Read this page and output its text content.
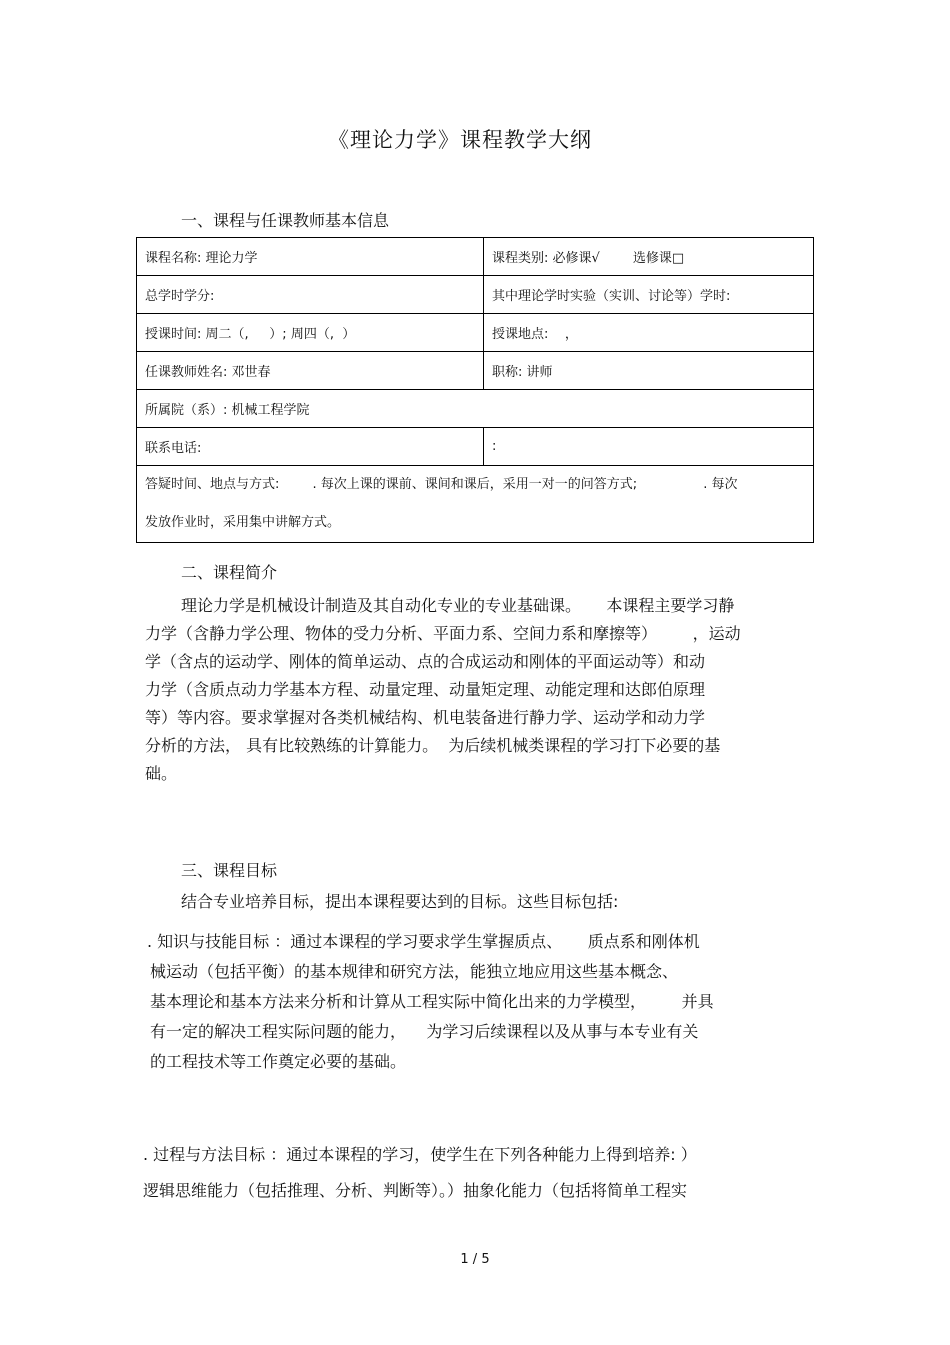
《理论力学》课程教学大纲
一、课程与任课教师基本信息
课程名称: 理论力学	课程类别: 必修课√        选修课□
总学时学分:	其中理论学时实验（实训、讨论等）学时:
授课时间: 周二（,     ）; 周四（,  ）	授课地点:    ，
任课教师姓名: 邓世春	职称: 讲师
所属院（系）: 机械工程学院	
联系电话:	:

答疑时间、地点与方式:        . 每次上课的课前、课间和课后，采用一对一的问答方式;                . 每次
发放作业时，采用集中讲解方式。	
二、课程简介
理论力学是机械设计制造及其自动化专业的专业基础课。     本课程主要学习静
力学（含静力学公理、物体的受力分析、平面力系、空间力系和摩擦等）       ，运动
学（含点的运动学、刚体的简单运动、点的合成运动和刚体的平面运动等）和动
力学（含质点动力学基本方程、动量定理、动量矩定理、动能定理和达郎伯原理
等）等内容。要求掌握对各类机械结构、机电装备进行静力学、运动学和动力学
分析的方法， 具有比较熟练的计算能力。  为后续机械类课程的学习打下必要的基
础。
三、课程目标
结合专业培养目标，提出本课程要达到的目标。这些目标包括:
. 知识与技能目标 ：通过本课程的学习要求学生掌握质点、     质点系和刚体机
械运动（包括平衡）的基本规律和研究方法，能独立地应用这些基本概念、
基本理论和基本方法来分析和计算从工程实际中简化出来的力学模型，       并具
有一定的解决工程实际问题的能力，    为学习后续课程以及从事与本专业有关
的工程技术等工作奠定必要的基础。
. 过程与方法目标 ：通过本课程的学习，使学生在下列各种能力上得到培养: ）
逻辑思维能力（包括推理、分析、判断等）。）抽象化能力（包括将简单工程实
1 / 5
